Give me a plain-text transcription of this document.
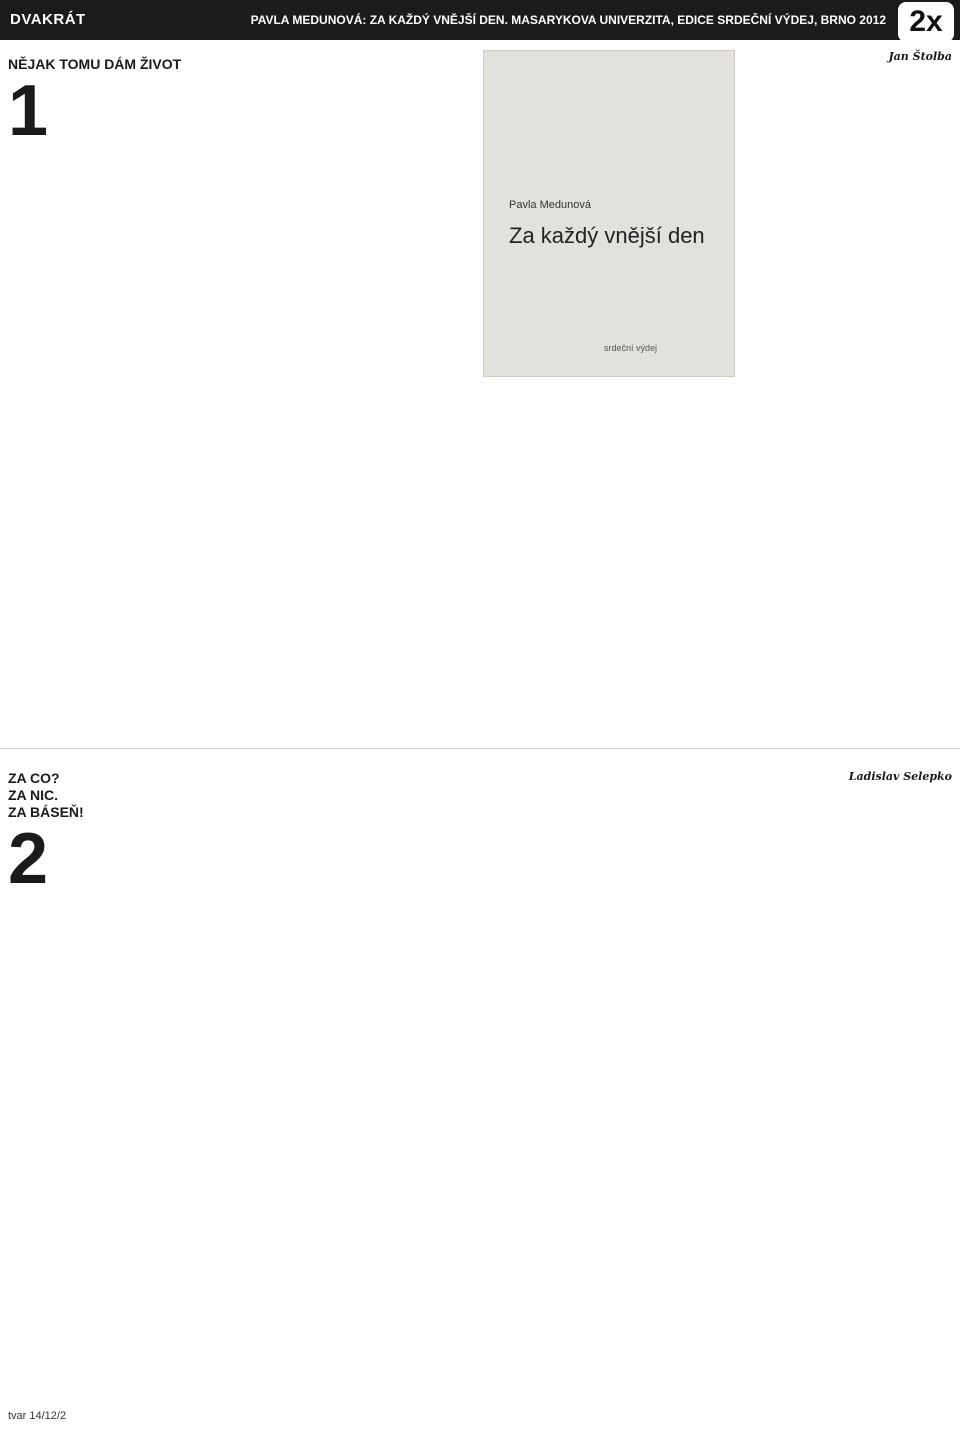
DVAKRÁT	PAVLA MEDUNOVÁ: ZA KAŽDÝ VNĚJŠÍ DEN. MASARYKOVA UNIVERZITA, EDICE SRDEČNÍ VÝDEJ, BRNO 2012 2x
NĚJAK TOMU DÁM ŽIVOT
1
Pavla Medunová
Za každý vnější den
srdeční výdej
Jan Štolba
ZA CO?
ZA NIC.
ZA BÁSEŇ!
2
Ladislav Selepko
tvar 14/12/2
